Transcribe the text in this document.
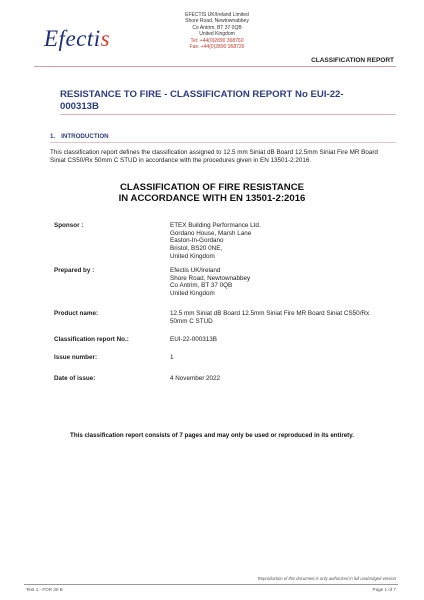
Efectis
EFECTIS UK/Ireland Limited
Shore Road, Newtownabbey
Co Antrim, BT 37 0QB
United Kingdom
Tel: +44(0)2890 368760
Fax: +44(0)2890 368726
CLASSIFICATION REPORT
RESISTANCE TO FIRE - CLASSIFICATION REPORT No EUI-22-000313B
1. INTRODUCTION
This classification report defines the classification assigned to 12.5 mm Siniat dB Board 12.5mm Siniat Fire MR Board Siniat CS50/Rx 50mm C STUD in accordance with the procedures given in EN 13501-2:2016.
CLASSIFICATION OF FIRE RESISTANCE
IN ACCORDANCE WITH EN 13501-2:2016
Sponsor :	ETEX Building Performance Ltd.
Gordano House, Marsh Lane
Easton-In-Gordano
Bristol, BS20 0NE,
United Kingdom
Prepared by :	Efectis UK/Ireland
Shore Road, Newtownabbey
Co Antrim, BT 37 0QB
United Kingdom
Product name:	12.5 mm Siniat dB Board 12.5mm Siniat Fire MR Board Siniat CS50/Rx
50mm C STUD
Classification report No.:	EUI-22-000313B
Issue number:	1
Date of issue:	4 November 2022
This classification report consists of 7 pages and may only be used or reproduced in its entirety.
Reproduction of this document is only authorized in full unabridged version
Test 1 - FOR 30 B	Page 1 of 7
